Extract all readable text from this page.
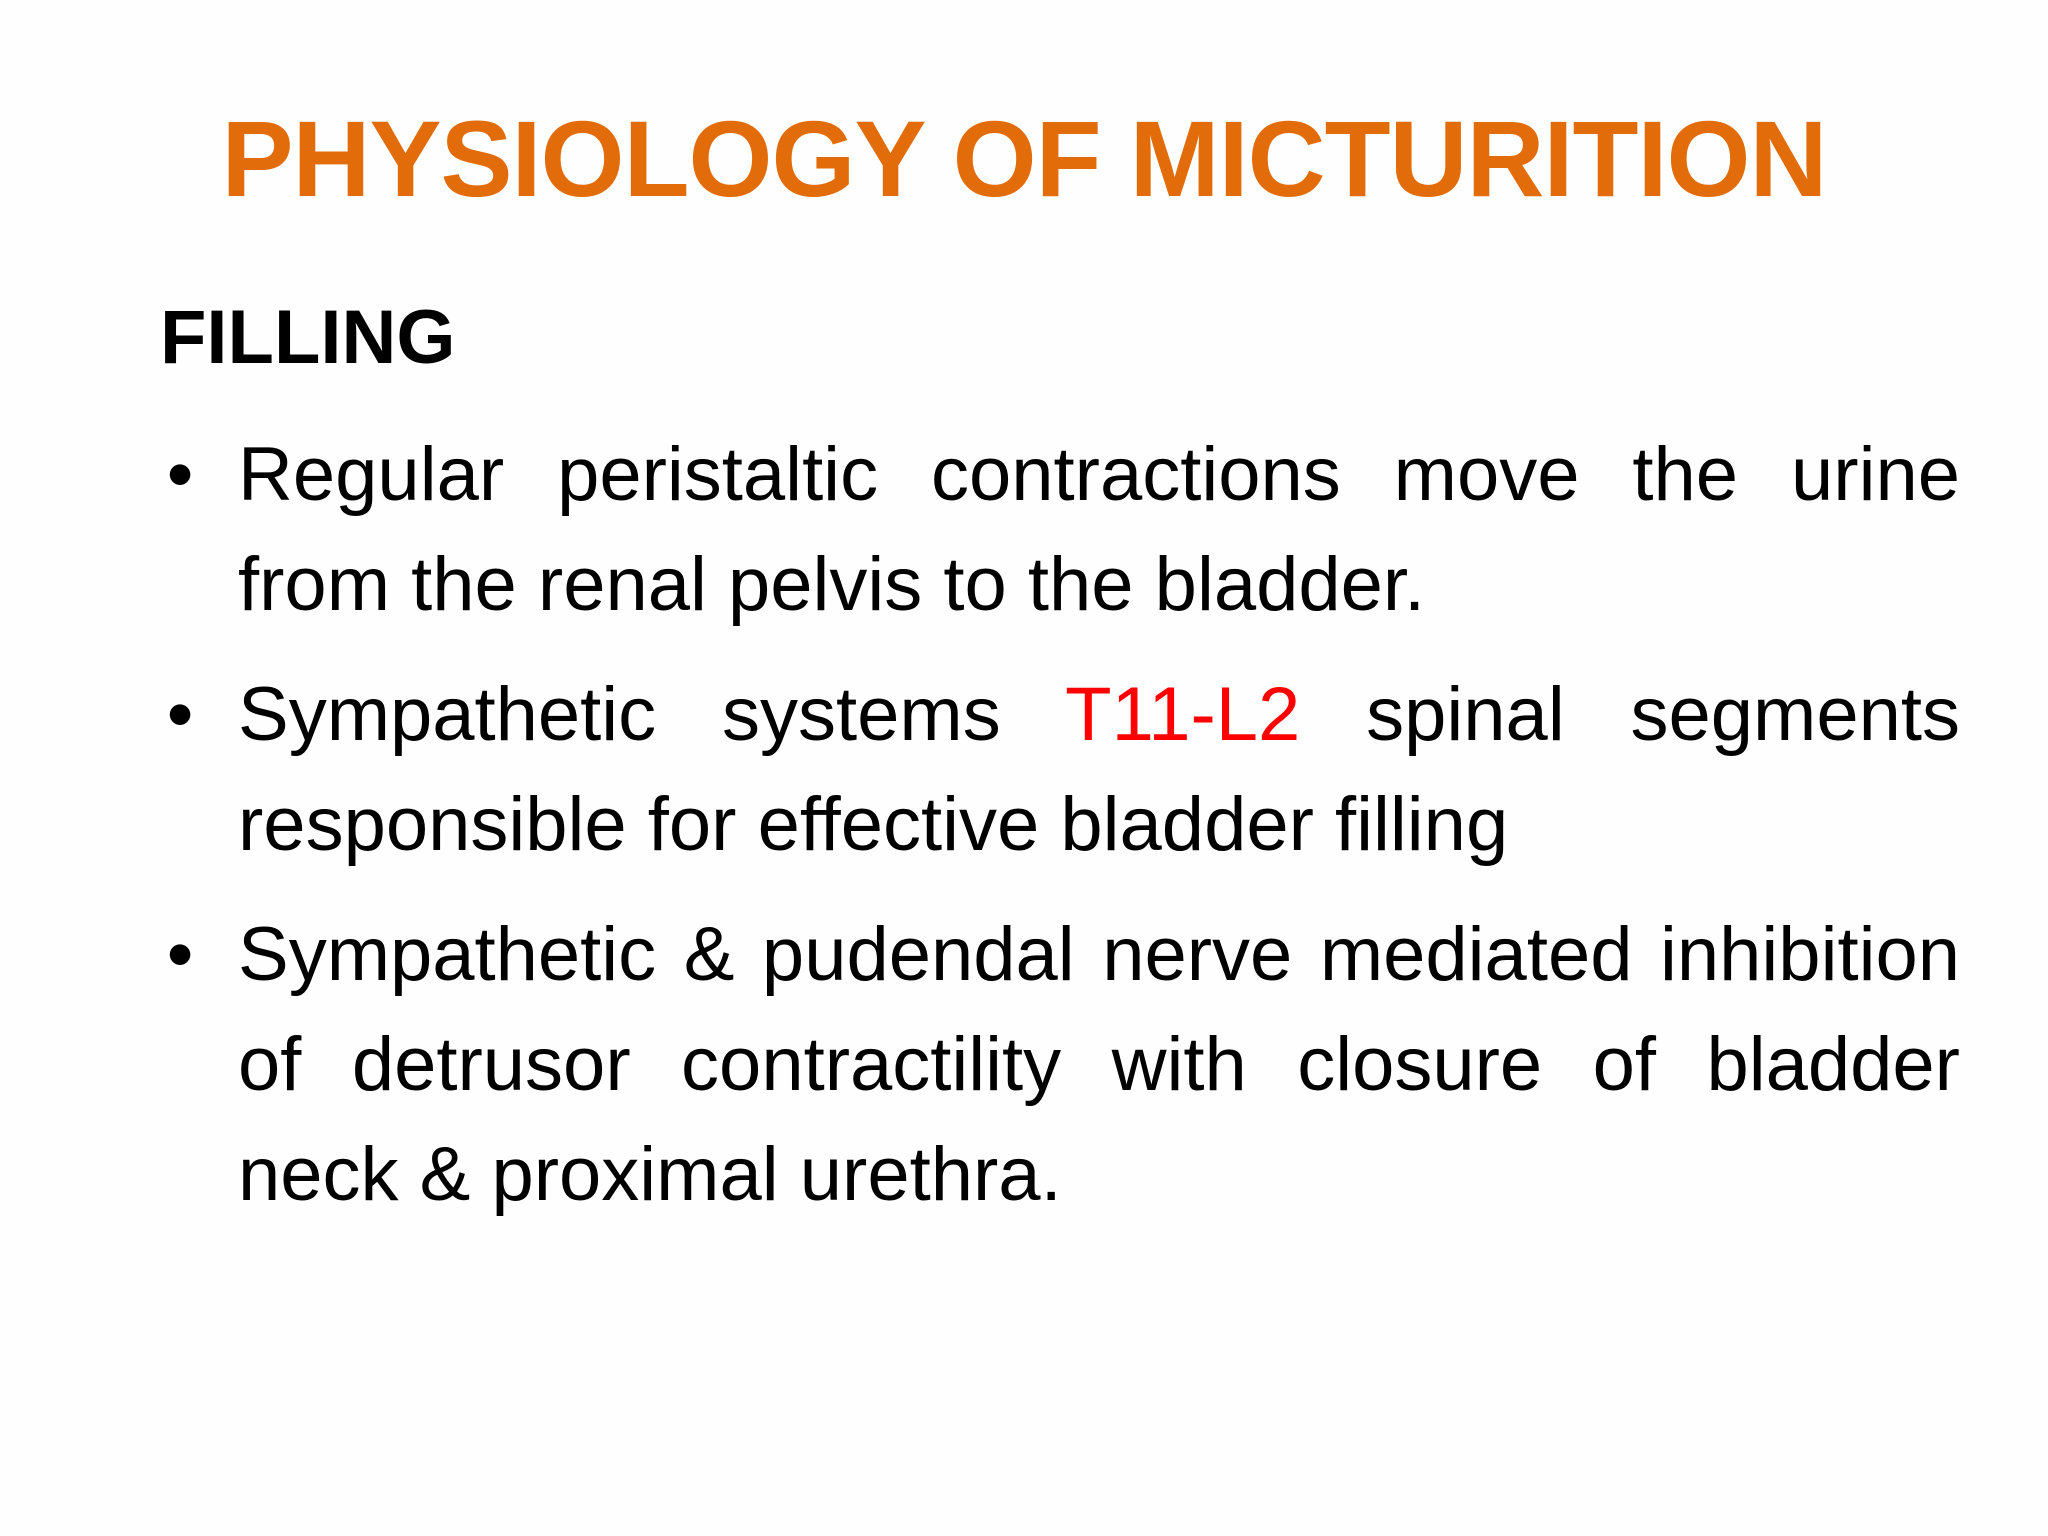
PHYSIOLOGY OF MICTURITION
FILLING
• Regular peristaltic contractions move the urine from the renal pelvis to the bladder.
• Sympathetic systems T11-L2 spinal segments responsible for effective bladder filling
• Sympathetic & pudendal nerve mediated inhibition of detrusor contractility with closure of bladder neck & proximal urethra.
